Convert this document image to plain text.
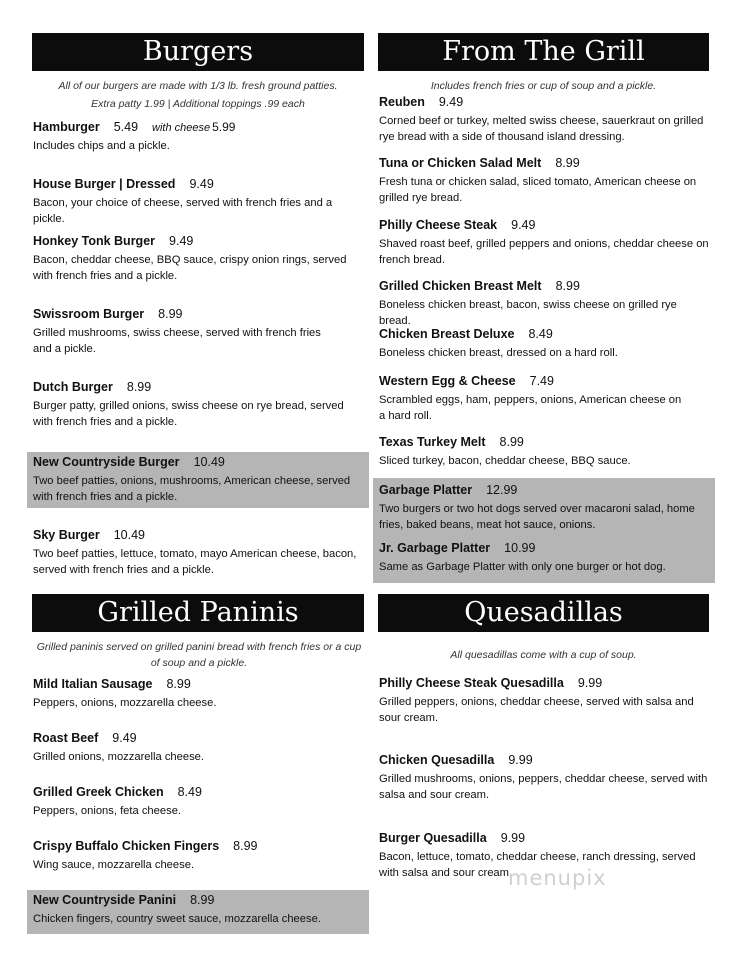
Burgers
All of our burgers are made with 1/3 lb. fresh ground patties.
Extra patty 1.99 | Additional toppings .99 each
Hamburger 5.49 with cheese 5.99
Includes chips and a pickle.
House Burger | Dressed 9.49
Bacon, your choice of cheese, served with french fries and a pickle.
Honkey Tonk Burger 9.49
Bacon, cheddar cheese, BBQ sauce, crispy onion rings, served with french fries and a pickle.
Swissroom Burger 8.99
Grilled mushrooms, swiss cheese, served with french fries and a pickle.
Dutch Burger 8.99
Burger patty, grilled onions, swiss cheese on rye bread, served with french fries and a pickle.
New Countryside Burger 10.49
Two beef patties, onions, mushrooms, American cheese, served with french fries and a pickle.
Sky Burger 10.49
Two beef patties, lettuce, tomato, mayo American cheese, bacon, served with french fries and a pickle.
From The Grill
Includes french fries or cup of soup and a pickle.
Reuben 9.49
Corned beef or turkey, melted swiss cheese, sauerkraut on grilled rye bread with a side of thousand island dressing.
Tuna or Chicken Salad Melt 8.99
Fresh tuna or chicken salad, sliced tomato, American cheese on grilled rye bread.
Philly Cheese Steak 9.49
Shaved roast beef, grilled peppers and onions, cheddar cheese on french bread.
Grilled Chicken Breast Melt 8.99
Boneless chicken breast, bacon, swiss cheese on grilled rye bread.
Chicken Breast Deluxe 8.49
Boneless chicken breast, dressed on a hard roll.
Western Egg & Cheese 7.49
Scrambled eggs, ham, peppers, onions, American cheese on a hard roll.
Texas Turkey Melt 8.99
Sliced turkey, bacon, cheddar cheese, BBQ sauce.
Garbage Platter 12.99
Two burgers or two hot dogs served over macaroni salad, home fries, baked beans, meat hot sauce, onions.
Jr. Garbage Platter 10.99
Same as Garbage Platter with only one burger or hot dog.
Grilled Paninis
Grilled paninis served on grilled panini bread with french fries or a cup of soup and a pickle.
Mild Italian Sausage 8.99
Peppers, onions, mozzarella cheese.
Roast Beef 9.49
Grilled onions, mozzarella cheese.
Grilled Greek Chicken 8.49
Peppers, onions, feta cheese.
Crispy Buffalo Chicken Fingers 8.99
Wing sauce, mozzarella cheese.
New Countryside Panini 8.99
Chicken fingers, country sweet sauce, mozzarella cheese.
Quesadillas
All quesadillas come with a cup of soup.
Philly Cheese Steak Quesadilla 9.99
Grilled peppers, onions, cheddar cheese, served with salsa and sour cream.
Chicken Quesadilla 9.99
Grilled mushrooms, onions, peppers, cheddar cheese, served with salsa and sour cream.
Burger Quesadilla 9.99
Bacon, lettuce, tomato, cheddar cheese, ranch dressing, served with salsa and sour cream.
menupix
